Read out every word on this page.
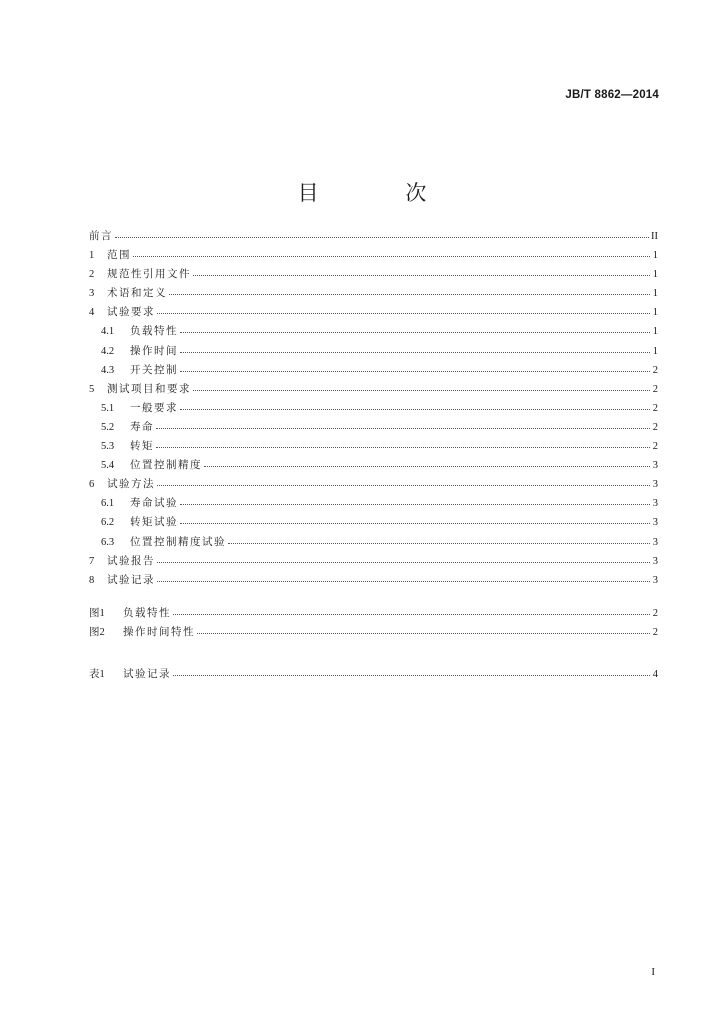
JB/T 8862—2014
目 次
前言	II
1	范围	1
2	规范性引用文件	1
3	术语和定义	1
4	试验要求	1
4.1	负载特性	1
4.2	操作时间	1
4.3	开关控制	2
5	测试项目和要求	2
5.1	一般要求	2
5.2	寿命	2
5.3	转矩	2
5.4	位置控制精度	3
6	试验方法	3
6.1	寿命试验	3
6.2	转矩试验	3
6.3	位置控制精度试验	3
7	试验报告	3
8	试验记录	3
图1	负载特性	2
图2	操作时间特性	2
表1	试验记录	4
I
